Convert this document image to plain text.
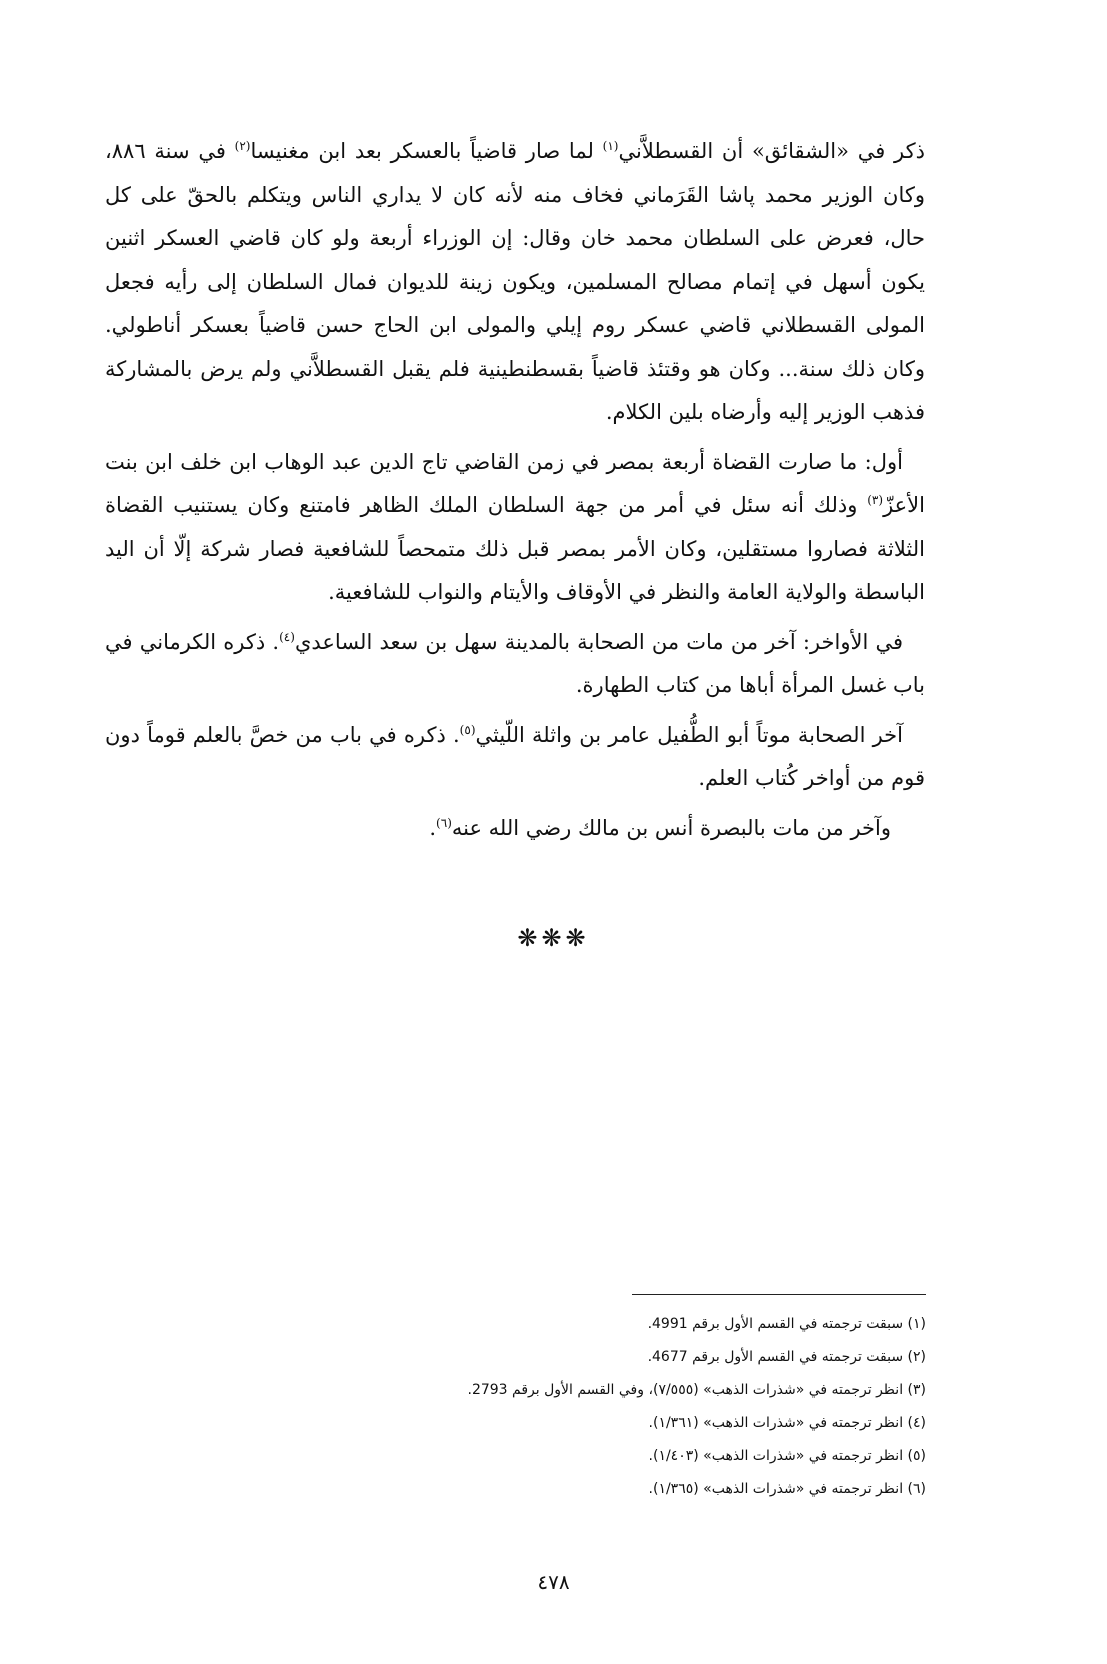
ذكر في «الشقائق» أن القسطلاَّني$^{(١)}$ لما صار قاضياً بالعسكر بعد ابن مغنيسا$^{(٢)}$ في سنة ٨٨٦، وكان الوزير محمد پاشا القَرَماني فخاف منه لأنه كان لا يداري الناس ويتكلم بالحقّ على كل حال، فعرض على السلطان محمد خان وقال: إن الوزراء أربعة ولو كان قاضي العسكر اثنين يكون أسهل في إتمام مصالح المسلمين، ويكون زينة للديوان فمال السلطان إلى رأيه فجعل المولى القسطلاني قاضي عسكر روم إيلي والمولى ابن الحاج حسن قاضياً بعسكر أناطولي. وكان ذلك سنة... وكان هو وقتئذ قاضياً بقسطنطينية فلم يقبل القسطلاَّني ولم يرض بالمشاركة فذهب الوزير إليه وأرضاه بلين الكلام.

أول: ما صارت القضاة أربعة بمصر في زمن القاضي تاج الدين عبد الوهاب ابن خلف ابن بنت الأعزّ$^{(٣)}$ وذلك أنه سئل في أمر من جهة السلطان الملك الظاهر فامتنع وكان يستنيب القضاة الثلاثة فصاروا مستقلين، وكان الأمر بمصر قبل ذلك متمحصاً للشافعية فصار شركة إلّا أن اليد الباسطة والولاية العامة والنظر في الأوقاف والأيتام والنواب للشافعية.

في الأواخر: آخر من مات من الصحابة بالمدينة سهل بن سعد الساعدي$^{(٤)}$. ذكره الكرماني في باب غسل المرأة أباها من كتاب الطهارة.

آخر الصحابة موتاً أبو الطُّفيل عامر بن واثلة اللّيثي$^{(٥)}$. ذكره في باب من خصَّ بالعلم قوماً دون قوم من أواخر كُتاب العلم.

وآخر من مات بالبصرة أنس بن مالك رضي الله عنه$^{(٦)}$.

❋❋❋
(١) سبقت ترجمته في القسم الأول برقم 4991.
(٢) سبقت ترجمته في القسم الأول برقم 4677.
(٣) انظر ترجمته في «شذرات الذهب» (٧/٥٥٥)، وفي القسم الأول برقم 2793.
(٤) انظر ترجمته في «شذرات الذهب» (١/٣٦١).
(٥) انظر ترجمته في «شذرات الذهب» (١/٤٠٣).
(٦) انظر ترجمته في «شذرات الذهب» (١/٣٦٥).
٤٧٨
